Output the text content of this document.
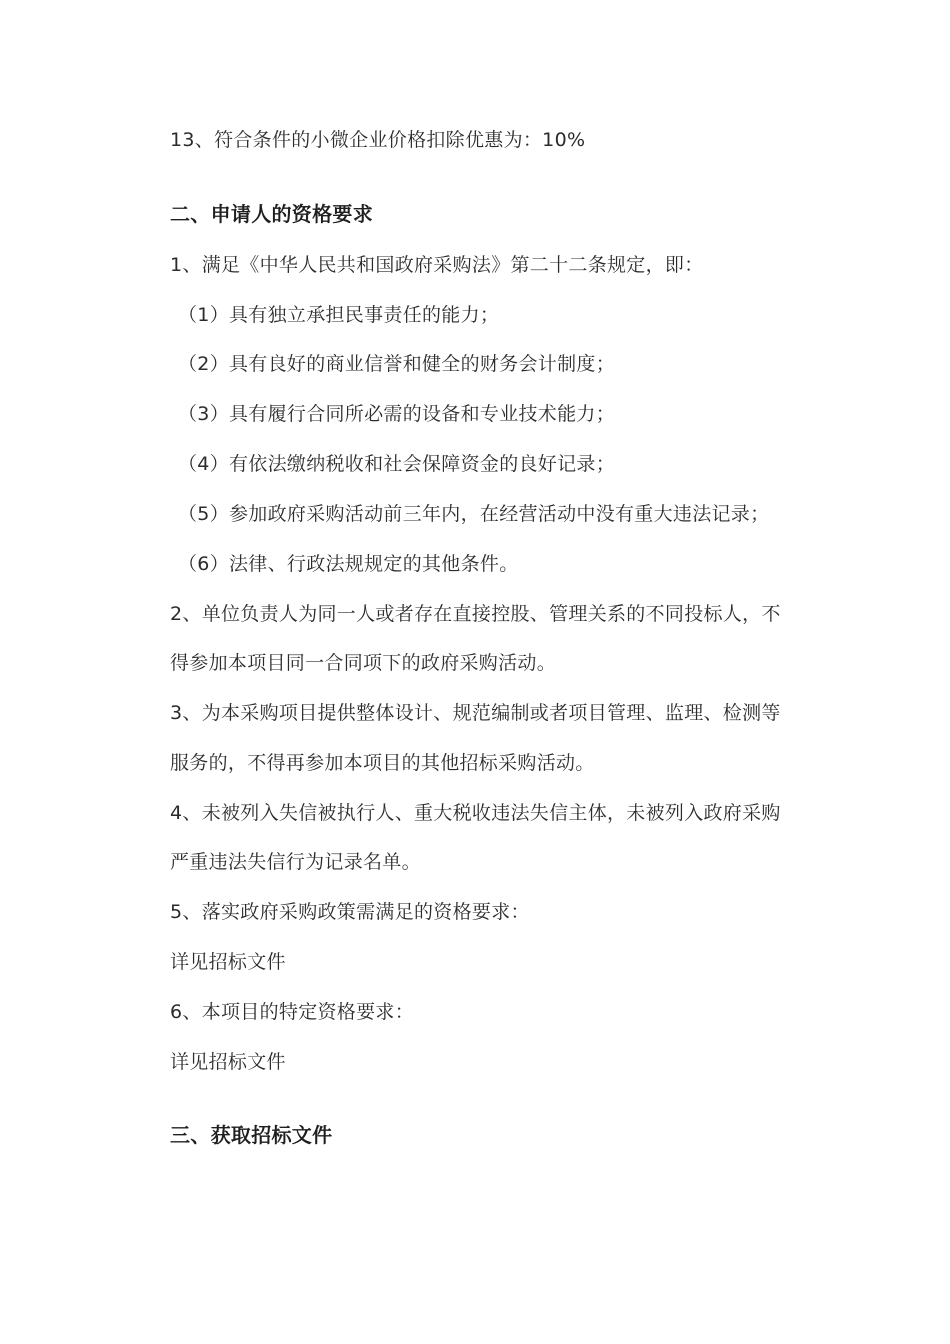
13、符合条件的小微企业价格扣除优惠为：10%
二、申请人的资格要求
1、满足《中华人民共和国政府采购法》第二十二条规定，即：
（1）具有独立承担民事责任的能力；
（2）具有良好的商业信誉和健全的财务会计制度；
（3）具有履行合同所必需的设备和专业技术能力；
（4）有依法缴纳税收和社会保障资金的良好记录；
（5）参加政府采购活动前三年内，在经营活动中没有重大违法记录；
（6）法律、行政法规规定的其他条件。
2、单位负责人为同一人或者存在直接控股、管理关系的不同投标人，不
得参加本项目同一合同项下的政府采购活动。
3、为本采购项目提供整体设计、规范编制或者项目管理、监理、检测等
服务的，不得再参加本项目的其他招标采购活动。
4、未被列入失信被执行人、重大税收违法失信主体，未被列入政府采购
严重违法失信行为记录名单。
5、落实政府采购政策需满足的资格要求：
详见招标文件
6、本项目的特定资格要求：
详见招标文件
三、获取招标文件
